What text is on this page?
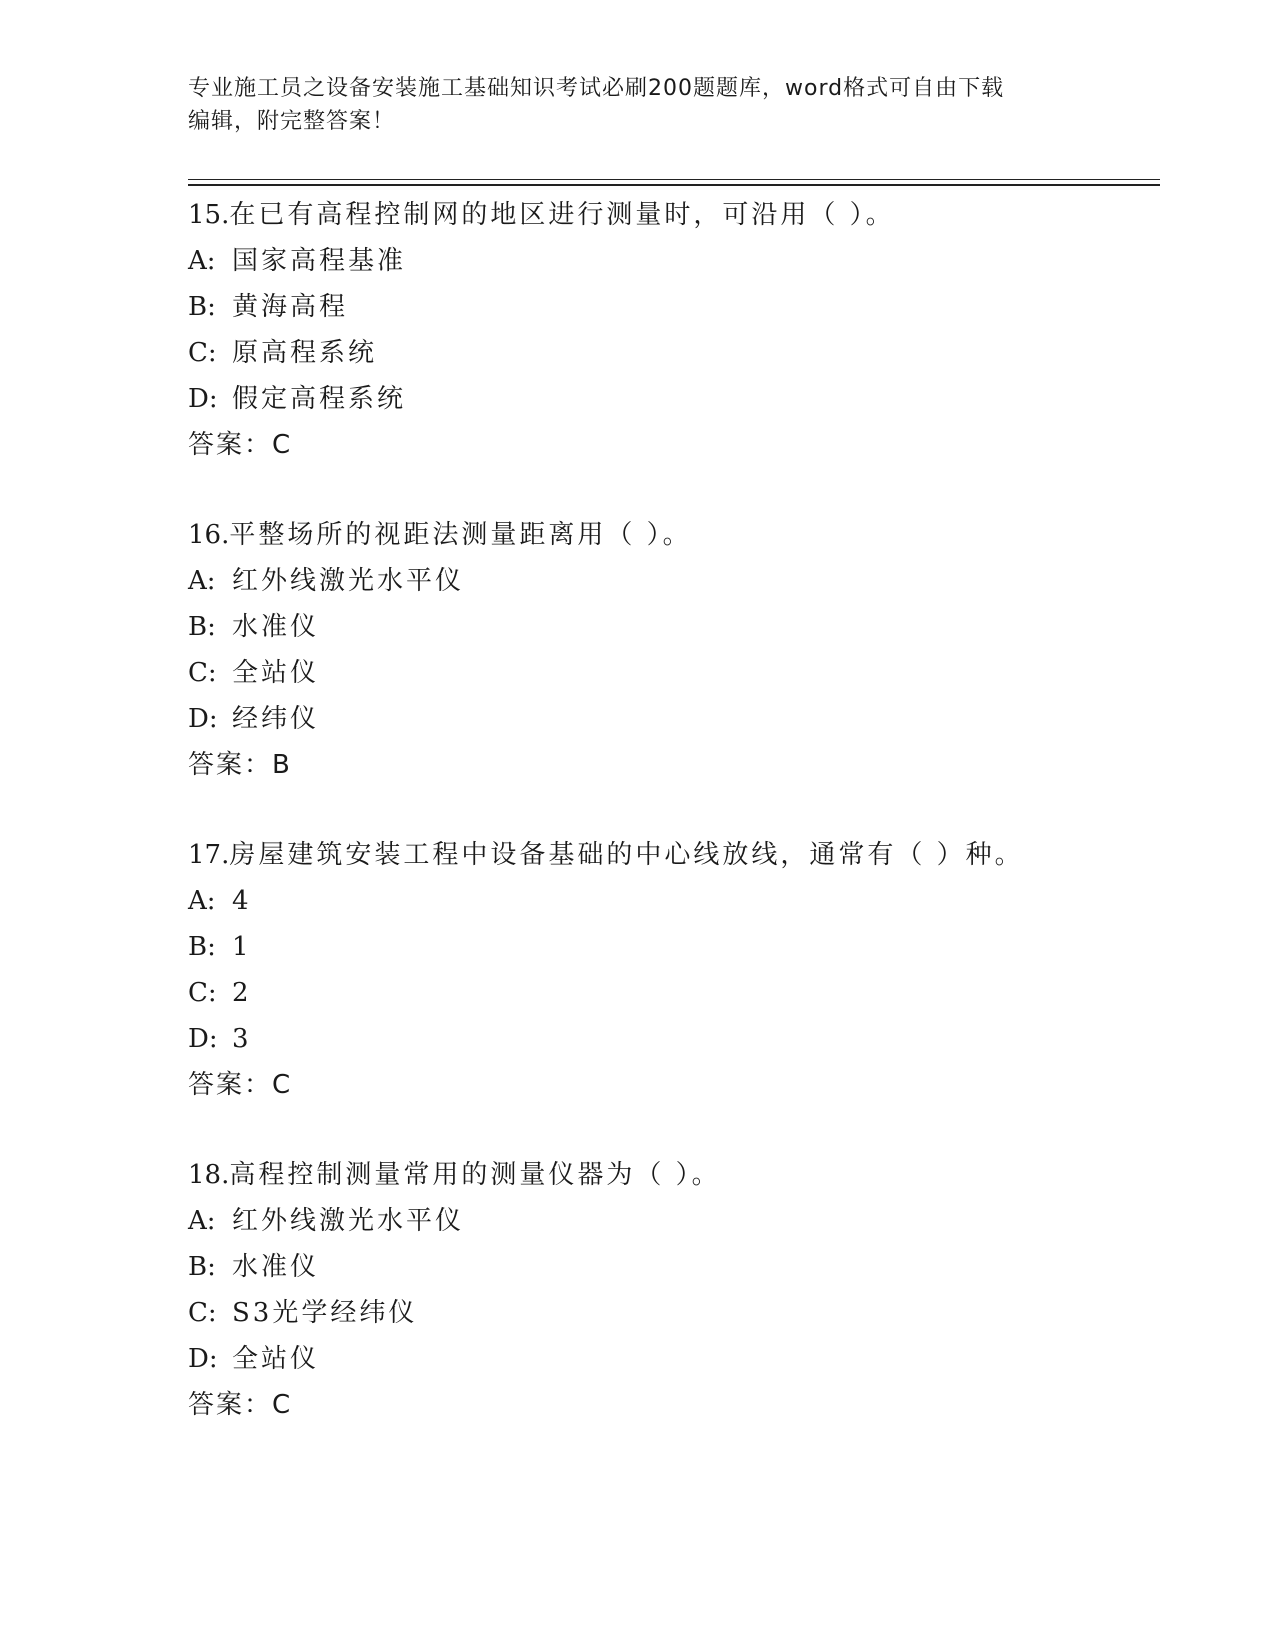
专业施工员之设备安装施工基础知识考试必刷200题题库，word格式可自由下载
编辑，附完整答案！
15.在已有高程控制网的地区进行测量时，可沿用（ ）。
A: 国家高程基准
B: 黄海高程
C: 原高程系统
D: 假定高程系统
答案：C
16.平整场所的视距法测量距离用（ ）。
A: 红外线激光水平仪
B: 水准仪
C: 全站仪
D: 经纬仪
答案：B
17.房屋建筑安装工程中设备基础的中心线放线，通常有（ ）种。
A: 4
B: 1
C: 2
D: 3
答案：C
18.高程控制测量常用的测量仪器为（ ）。
A: 红外线激光水平仪
B: 水准仪
C: S3光学经纬仪
D: 全站仪
答案：C
